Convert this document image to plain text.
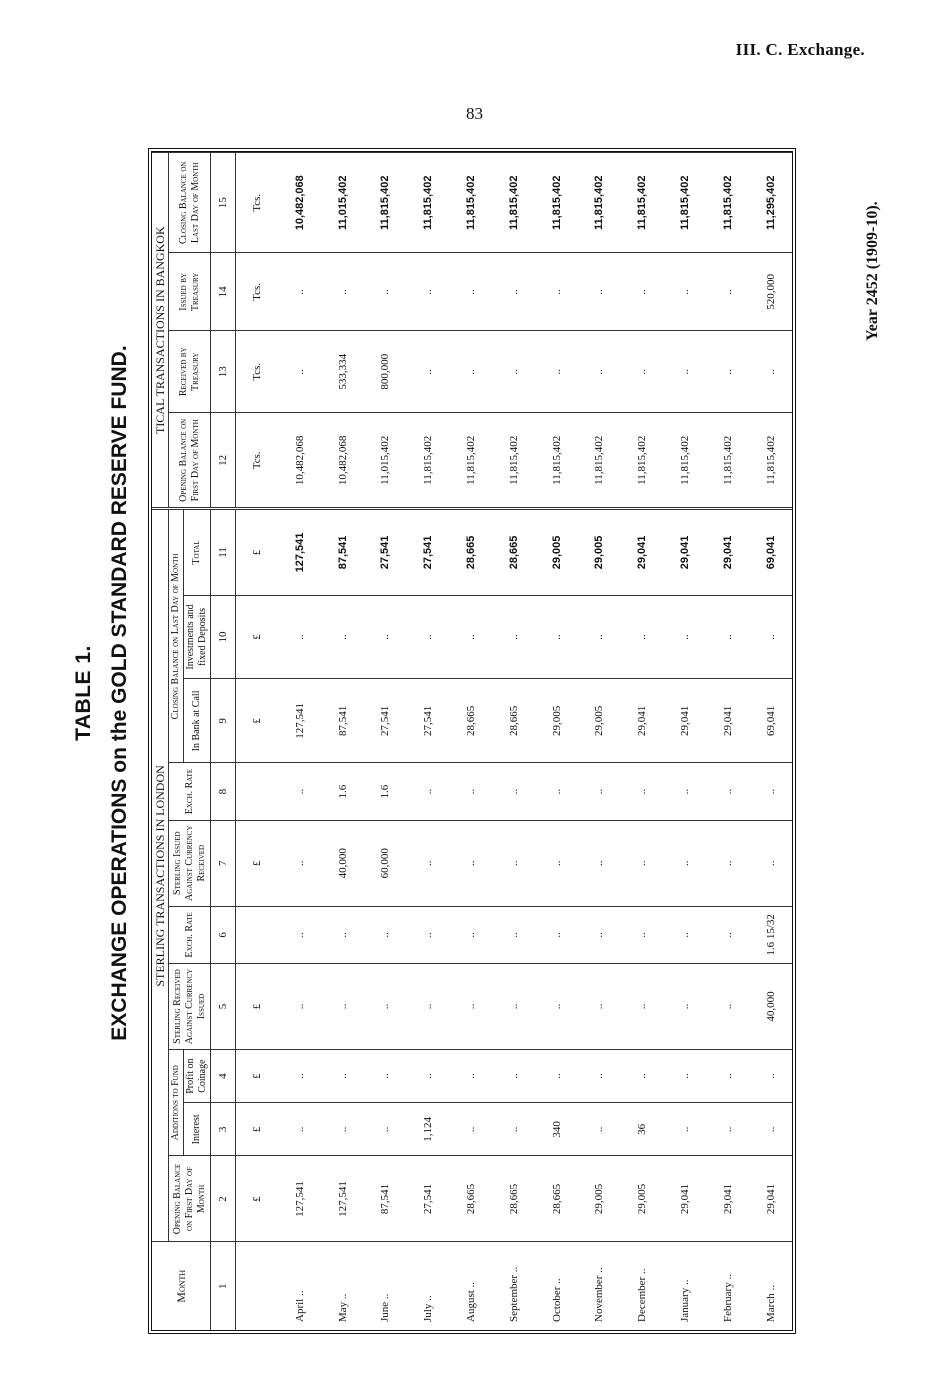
III. C. Exchange.
83
TABLE 1. EXCHANGE OPERATIONS on the GOLD STANDARD RESERVE FUND.
Year 2452 (1909-10).
Month	STERLING TRANSACTIONS IN LONDON										TICAL TRANSACTIONS IN BANGKOK			
	Opening Balance on First Day of Month	Additions to Fund		Sterling Received Against Currency Issued	Exch. Rate	Sterling Issued Against Currency Received	Exch. Rate	Closing Balance on Last Day of Month			Opening Balance on First Day of Month	Received by Treasury	Issued by Treasury	Closing Balance on Last Day of Month
		Interest	Profit on Coinage					In Bank at Call	Investments and fixed Deposits	Total				
1	2	3	4	5	6	7	8	9	10	11	12	13	14	15
	£	£	£	£		£		£	£	£	Tcs.	Tcs.	Tcs.	Tcs.
April ..	127,541	..	..	..	..	..	..	127,541	..	127,541	10,482,068	..	..	10,482,068
May ..	127,541	..	..	..	..	40,000	1.6	87,541	..	87,541	10,482,068	533,334	..	11,015,402
June ..	87,541	..	..	..	..	60,000	1.6	27,541	..	27,541	11,015,402	800,000	..	11,815,402
July ..	27,541	1,124	..	..	..	..	..	27,541	..	27,541	11,815,402	..	..	11,815,402
August ..	28,665	..	..	..	..	..	..	28,665	..	28,665	11,815,402	..	..	11,815,402
September ..	28,665	..	..	..	..	..	..	28,665	..	28,665	11,815,402	..	..	11,815,402
October ..	28,665	340	..	..	..	..	..	29,005	..	29,005	11,815,402	..	..	11,815,402
November ..	29,005	..	..	..	..	..	..	29,005	..	29,005	11,815,402	..	..	11,815,402
December ..	29,005	36	..	..	..	..	..	29,041	..	29,041	11,815,402	..	..	11,815,402
January ..	29,041	..	..	..	..	..	..	29,041	..	29,041	11,815,402	..	..	11,815,402
February ..	29,041	..	..	..	..	..	..	29,041	..	29,041	11,815,402	..	..	11,815,402
March ..	29,041	..	..	40,000	1.6 15/32	..	..	69,041	..	69,041	11,815,402	..	520,000	11,295,402
